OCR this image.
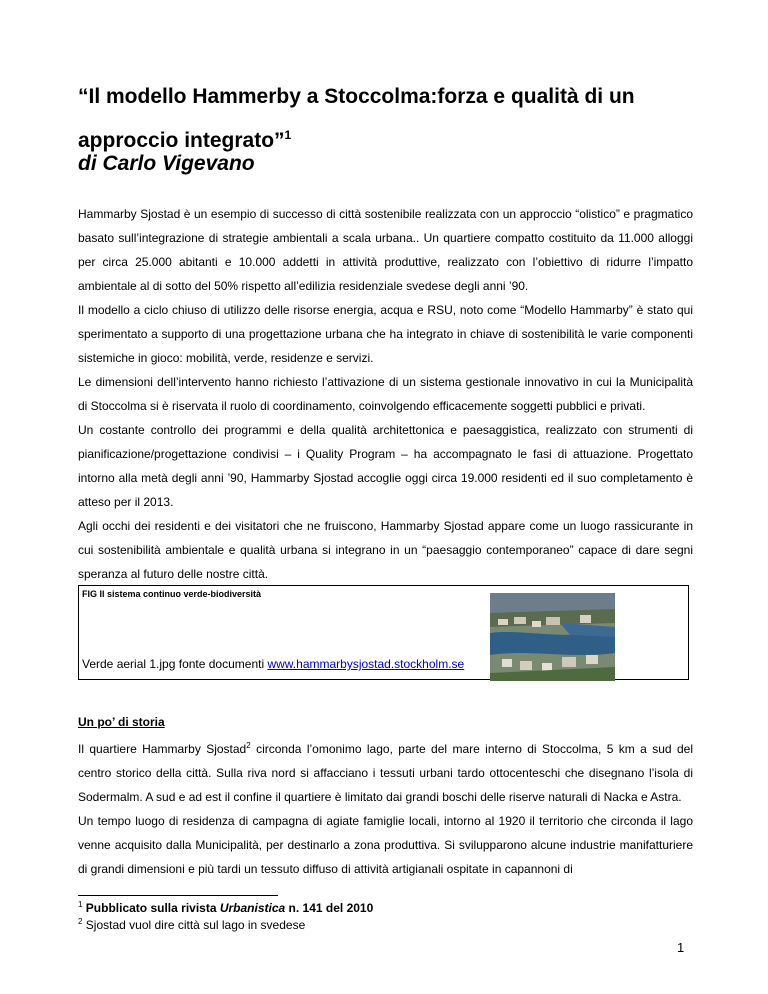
“Il modello Hammerby a Stoccolma:forza e qualità di un approccio integrato”$^1$
di Carlo Vigevano

Hammarby Sjostad è un esempio di successo di città sostenibile realizzata con un approccio “olistico” e pragmatico basato sull’integrazione di strategie ambientali a scala urbana.. Un quartiere compatto costituito da 11.000 alloggi per circa 25.000 abitanti e 10.000 addetti in attività produttive, realizzato con l’obiettivo di ridurre l’impatto ambientale al di sotto del 50% rispetto all’edilizia residenziale svedese degli anni ’90.

Il modello a ciclo chiuso di utilizzo delle risorse energia, acqua e RSU, noto come “Modello Hammarby” è stato qui sperimentato a supporto di una progettazione urbana che ha integrato in chiave di sostenibilità le varie componenti sistemiche in gioco: mobilità, verde, residenze e servizi.

Le dimensioni dell’intervento hanno richiesto l’attivazione di un sistema gestionale innovativo in cui la Municipalità di Stoccolma si è riservata il ruolo di coordinamento, coinvolgendo efficacemente soggetti pubblici e privati.

Un costante controllo dei programmi e della qualità architettonica e paesaggistica, realizzato con strumenti di pianificazione/progettazione condivisi – i Quality Program – ha accompagnato le fasi di attuazione. Progettato intorno alla metà degli anni ’90, Hammarby Sjostad accoglie oggi circa 19.000 residenti ed il suo completamento è atteso per il 2013.

Agli occhi dei residenti e dei visitatori che ne fruiscono, Hammarby Sjostad appare come un luogo rassicurante in cui sostenibilità ambientale e qualità urbana si integrano in un “paesaggio contemporaneo” capace di dare segni speranza al futuro delle nostre città.

FIG Il sistema continuo verde-biodiversità
Verde aerial 1.jpg fonte documenti www.hammarbysjostad.stockholm.se
Un po’ di storia

Il quartiere Hammarby Sjostad$^2$ circonda l’omonimo lago, parte del mare interno di Stoccolma, 5 km a sud del centro storico della città. Sulla riva nord si affacciano i tessuti urbani tardo ottocenteschi che disegnano l’isola di Sodermalm. A sud e ad est il confine il quartiere è limitato dai grandi boschi delle riserve naturali di Nacka e Astra.

Un tempo luogo di residenza di campagna di agiate famiglie locali, intorno al 1920 il territorio che circonda il lago venne acquisito dalla Municipalità, per destinarlo a zona produttiva. Si svilupparono alcune industrie manifatturiere di grandi dimensioni e più tardi un tessuto diffuso di attività artigianali ospitate in capannoni di

$^1$ Pubblicato sulla rivista Urbanistica n. 141 del 2010
$^2$ Sjostad vuol dire città sul lago in svedese
1
